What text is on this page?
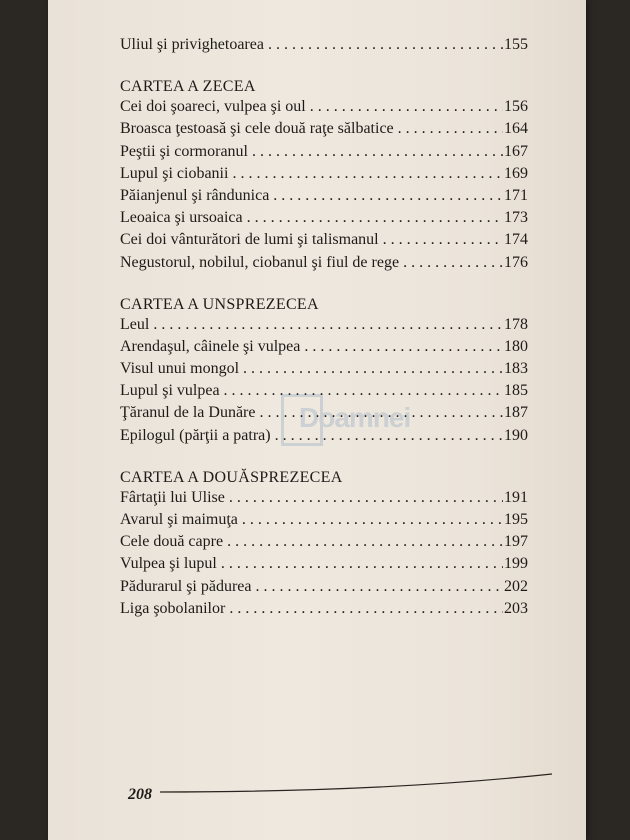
Doamnei
Uliul şi privighetoarea . . .	155
CARTEA A ZECEA
Cei doi şoareci, vulpea şi oul . . .	156
Broasca ţestoasă şi cele două raţe sălbatice . . .	164
Peştii şi cormoranul . . .	167
Lupul şi ciobanii . . .	169
Păianjenul şi rândunica . . .	171
Leoaica şi ursoaica . . .	173
Cei doi vânturători de lumi şi talismanul . . .	174
Negustorul, nobilul, ciobanul şi fiul de rege . . .	176
CARTEA A UNSPREZECEA
Leul . . .	178
Arendaşul, câinele şi vulpea . . .	180
Visul unui mongol . . .	183
Lupul şi vulpea . . .	185
Ţăranul de la Dunăre . . .	187
Epilogul (părţii a patra) . . .	190
CARTEA A DOUĂSPREZECEA
Fârtaţii lui Ulise . . .	191
Avarul şi maimuţa . . .	195
Cele două capre . . .	197
Vulpea şi lupul . . .	199
Pădurarul şi pădurea . . .	202
Liga şobolanilor . . .	203
208
